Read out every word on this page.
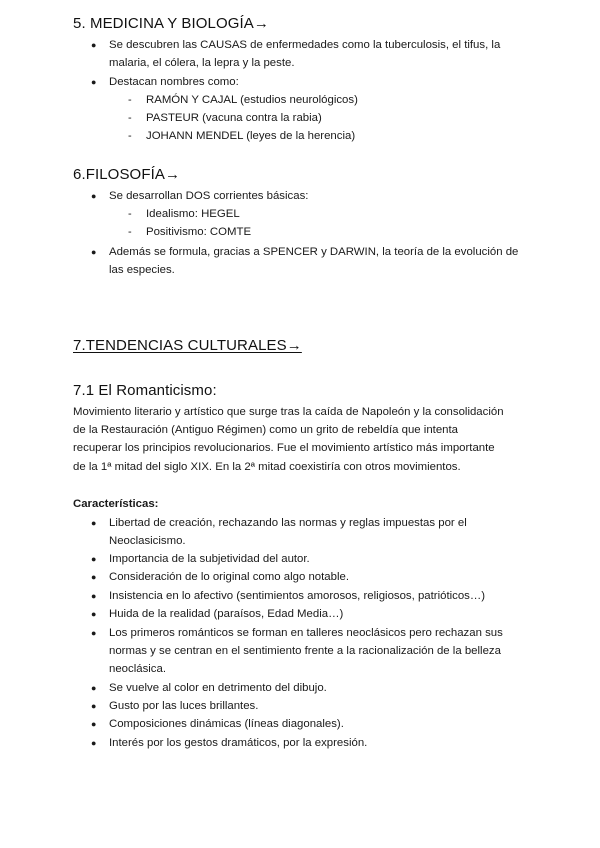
5. MEDICINA Y BIOLOGÍA→
● Se descubren las CAUSAS de enfermedades como la tuberculosis, el tifus, la
malaria, el cólera, la lepra y la peste.
● Destacan nombres como:
- RAMÓN Y CAJAL (estudios neurológicos)
- PASTEUR (vacuna contra la rabia)
- JOHANN MENDEL (leyes de la herencia)
6.FILOSOFÍA→
● Se desarrollan DOS corrientes básicas:
- Idealismo: HEGEL
- Positivismo: COMTE
● Además se formula, gracias a SPENCER y DARWIN, la teoría de la evolución de
las especies.
7.TENDENCIAS CULTURALES→
7.1 El Romanticismo:
Movimiento literario y artístico que surge tras la caída de Napoleón y la consolidación
de la Restauración (Antiguo Régimen) como un grito de rebeldía que intenta
recuperar los principios revolucionarios. Fue el movimiento artístico más importante
de la 1ª mitad del siglo XIX. En la 2ª mitad coexistiría con otros movimientos.
Características:
● Libertad de creación, rechazando las normas y reglas impuestas por el
Neoclasicismo.
● Importancia de la subjetividad del autor.
● Consideración de lo original como algo notable.
● Insistencia en lo afectivo (sentimientos amorosos, religiosos, patrióticos…)
● Huida de la realidad (paraísos, Edad Media…)
● Los primeros románticos se forman en talleres neoclásicos pero rechazan sus
normas y se centran en el sentimiento frente a la racionalización de la belleza
neoclásica.
● Se vuelve al color en detrimento del dibujo.
● Gusto por las luces brillantes.
● Composiciones dinámicas (líneas diagonales).
● Interés por los gestos dramáticos, por la expresión.
